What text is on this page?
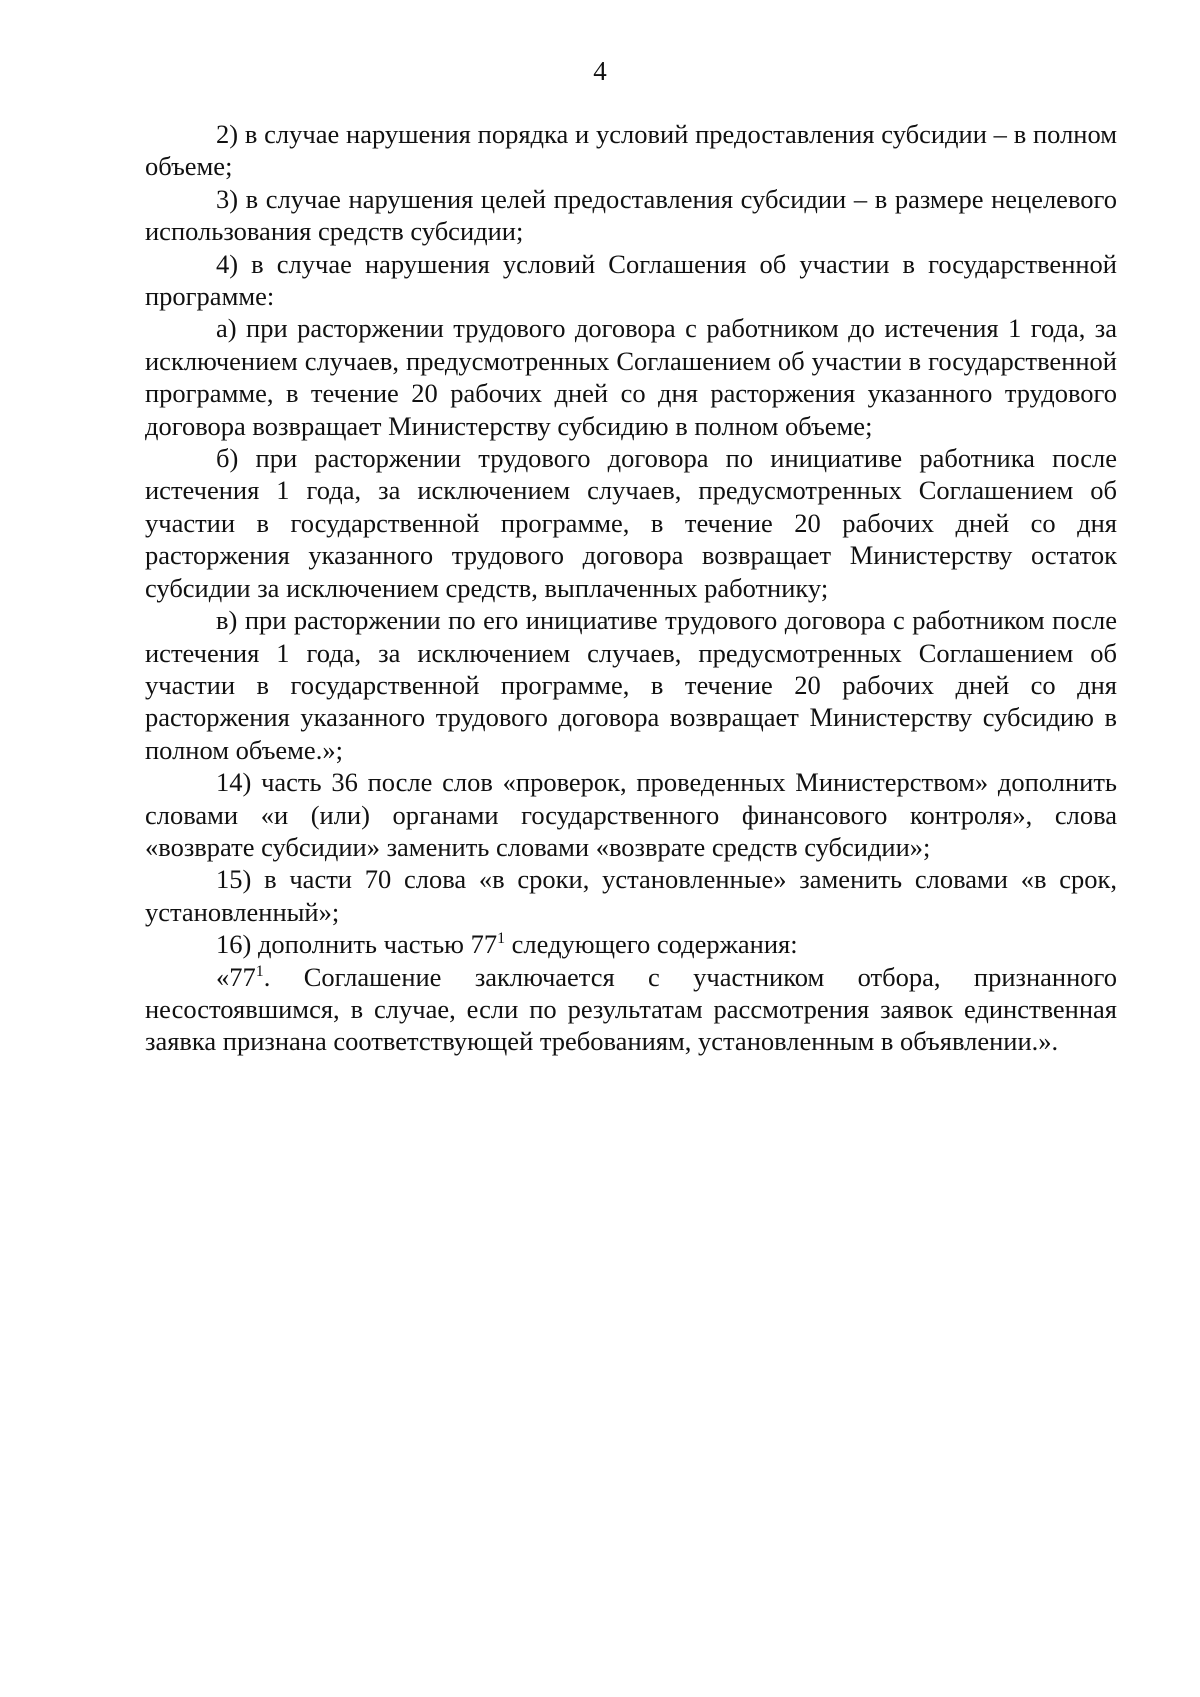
4

2) в случае нарушения порядка и условий предоставления субсидии – в полном объеме;

3) в случае нарушения целей предоставления субсидии – в размере нецелевого использования средств субсидии;

4) в случае нарушения условий Соглашения об участии в государственной программе:

а) при расторжении трудового договора с работником до истечения 1 года, за исключением случаев, предусмотренных Соглашением об участии в государственной программе, в течение 20 рабочих дней со дня расторжения указанного трудового договора возвращает Министерству субсидию в полном объеме;

б) при расторжении трудового договора по инициативе работника после истечения 1 года, за исключением случаев, предусмотренных Соглашением об участии в государственной программе, в течение 20 рабочих дней со дня расторжения указанного трудового договора возвращает Министерству остаток субсидии за исключением средств, выплаченных работнику;

в) при расторжении по его инициативе трудового договора с работником после истечения 1 года, за исключением случаев, предусмотренных Соглашением об участии в государственной программе, в течение 20 рабочих дней со дня расторжения указанного трудового договора возвращает Министерству субсидию в полном объеме.»;

14) часть 36 после слов «проверок, проведенных Министерством» дополнить словами «и (или) органами государственного финансового контроля», слова «возврате субсидии» заменить словами «возврате средств субсидии»;

15) в части 70 слова «в сроки, установленные» заменить словами «в срок, установленный»;

16) дополнить частью $77^1$ следующего содержания:

«$77^1$. Соглашение заключается с участником отбора, признанного несостоявшимся, в случае, если по результатам рассмотрения заявок единственная заявка признана соответствующей требованиям, установленным в объявлении.».
